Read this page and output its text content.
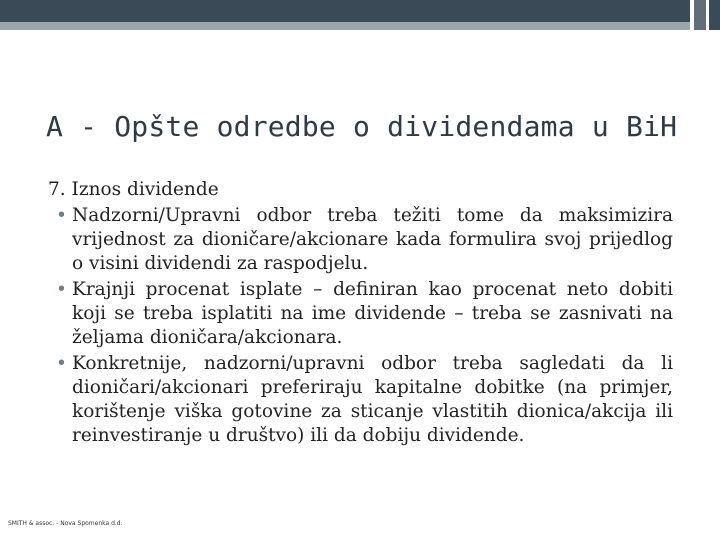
A - Opšte odredbe o dividendama u BiH

7. Iznos dividende

• Nadzorni/Upravni odbor treba težiti tome da maksimizira vrijednost za dioničare/akcionare kada formulira svoj prijedlog o visini dividendi za raspodjelu.
• Krajnji procenat isplate – definiran kao procenat neto dobiti koji se treba isplatiti na ime dividende – treba se zasnivati na željama dioničara/akcionara.
• Konkretnije, nadzorni/upravni odbor treba sagledati da li dioničari/akcionari preferiraju kapitalne dobitke (na primjer, korištenje viška gotovine za sticanje vlastitih dionica/akcija ili reinvestiranje u društvo) ili da dobiju dividende.
SMITH & assoc. - Nova Spomenka d.d.
